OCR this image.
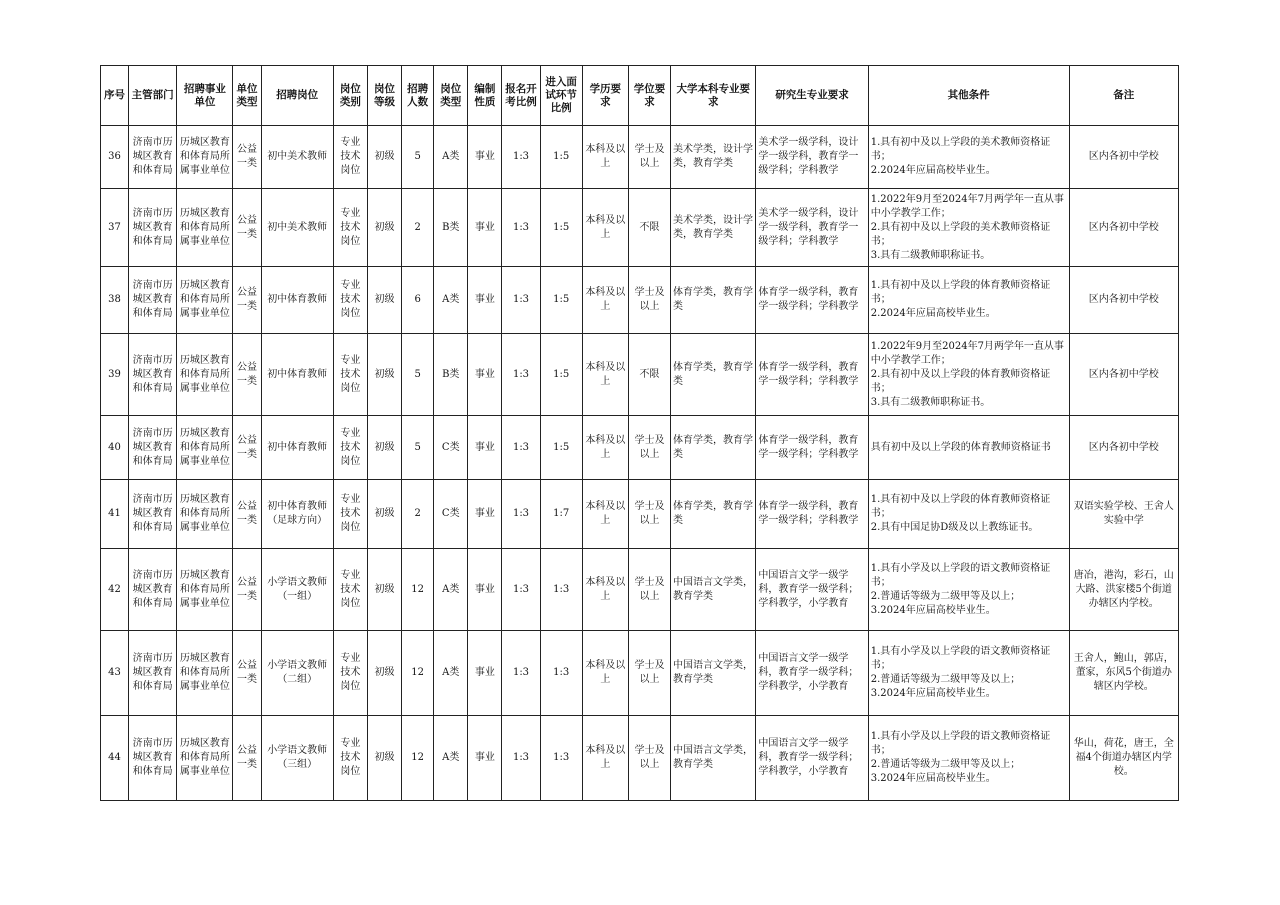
序号	主管部门	招聘事业单位	单位类型	招聘岗位	岗位类别	岗位等级	招聘人数	岗位类型	编制性质	报名开考比例	进入面试环节比例	学历要求	学位要求	大学本科专业要求	研究生专业要求	其他条件	备注
36	济南市历城区教育和体育局	历城区教育和体育局所属事业单位	公益一类	初中美术教师	专业技术岗位	初级	5	A类	事业	1:3	1:5	本科及以上	学士及以上	美术学类，设计学类，教育学类	美术学一级学科，设计学一级学科，教育学一级学科；学科教学	1.具有初中及以上学段的美术教师资格证书；
2.2024年应届高校毕业生。	区内各初中学校
37	济南市历城区教育和体育局	历城区教育和体育局所属事业单位	公益一类	初中美术教师	专业技术岗位	初级	2	B类	事业	1:3	1:5	本科及以上	不限	美术学类，设计学类，教育学类	美术学一级学科，设计学一级学科，教育学一级学科；学科教学	1.2022年9月至2024年7月两学年一直从事中小学教学工作；
2.具有初中及以上学段的美术教师资格证书；
3.具有二级教师职称证书。	区内各初中学校
38	济南市历城区教育和体育局	历城区教育和体育局所属事业单位	公益一类	初中体育教师	专业技术岗位	初级	6	A类	事业	1:3	1:5	本科及以上	学士及以上	体育学类，教育学类	体育学一级学科，教育学一级学科；学科教学	1.具有初中及以上学段的体育教师资格证书；
2.2024年应届高校毕业生。	区内各初中学校
39	济南市历城区教育和体育局	历城区教育和体育局所属事业单位	公益一类	初中体育教师	专业技术岗位	初级	5	B类	事业	1:3	1:5	本科及以上	不限	体育学类，教育学类	体育学一级学科，教育学一级学科；学科教学	1.2022年9月至2024年7月两学年一直从事中小学教学工作；
2.具有初中及以上学段的体育教师资格证书；
3.具有二级教师职称证书。	区内各初中学校
40	济南市历城区教育和体育局	历城区教育和体育局所属事业单位	公益一类	初中体育教师	专业技术岗位	初级	5	C类	事业	1:3	1:5	本科及以上	学士及以上	体育学类，教育学类	体育学一级学科，教育学一级学科；学科教学	具有初中及以上学段的体育教师资格证书	区内各初中学校
41	济南市历城区教育和体育局	历城区教育和体育局所属事业单位	公益一类	初中体育教师（足球方向）	专业技术岗位	初级	2	C类	事业	1:3	1:7	本科及以上	学士及以上	体育学类，教育学类	体育学一级学科，教育学一级学科；学科教学	1.具有初中及以上学段的体育教师资格证书；
2.具有中国足协D级及以上教练证书。	双语实验学校、王舍人实验中学
42	济南市历城区教育和体育局	历城区教育和体育局所属事业单位	公益一类	小学语文教师（一组）	专业技术岗位	初级	12	A类	事业	1:3	1:3	本科及以上	学士及以上	中国语言文学类，教育学类	中国语言文学一级学科，教育学一级学科；学科教学，小学教育	1.具有小学及以上学段的语文教师资格证书；
2.普通话等级为二级甲等及以上；
3.2024年应届高校毕业生。	唐冶，港沟，彩石，山大路、洪家楼5个街道办辖区内学校。
43	济南市历城区教育和体育局	历城区教育和体育局所属事业单位	公益一类	小学语文教师（二组）	专业技术岗位	初级	12	A类	事业	1:3	1:3	本科及以上	学士及以上	中国语言文学类，教育学类	中国语言文学一级学科，教育学一级学科；学科教学，小学教育	1.具有小学及以上学段的语文教师资格证书；
2.普通话等级为二级甲等及以上；
3.2024年应届高校毕业生。	王舍人，鲍山，郭店，董家，东风5个街道办辖区内学校。
44	济南市历城区教育和体育局	历城区教育和体育局所属事业单位	公益一类	小学语文教师（三组）	专业技术岗位	初级	12	A类	事业	1:3	1:3	本科及以上	学士及以上	中国语言文学类，教育学类	中国语言文学一级学科，教育学一级学科；学科教学，小学教育	1.具有小学及以上学段的语文教师资格证书；
2.普通话等级为二级甲等及以上；
3.2024年应届高校毕业生。	华山，荷花，唐王，全福4个街道办辖区内学校。
